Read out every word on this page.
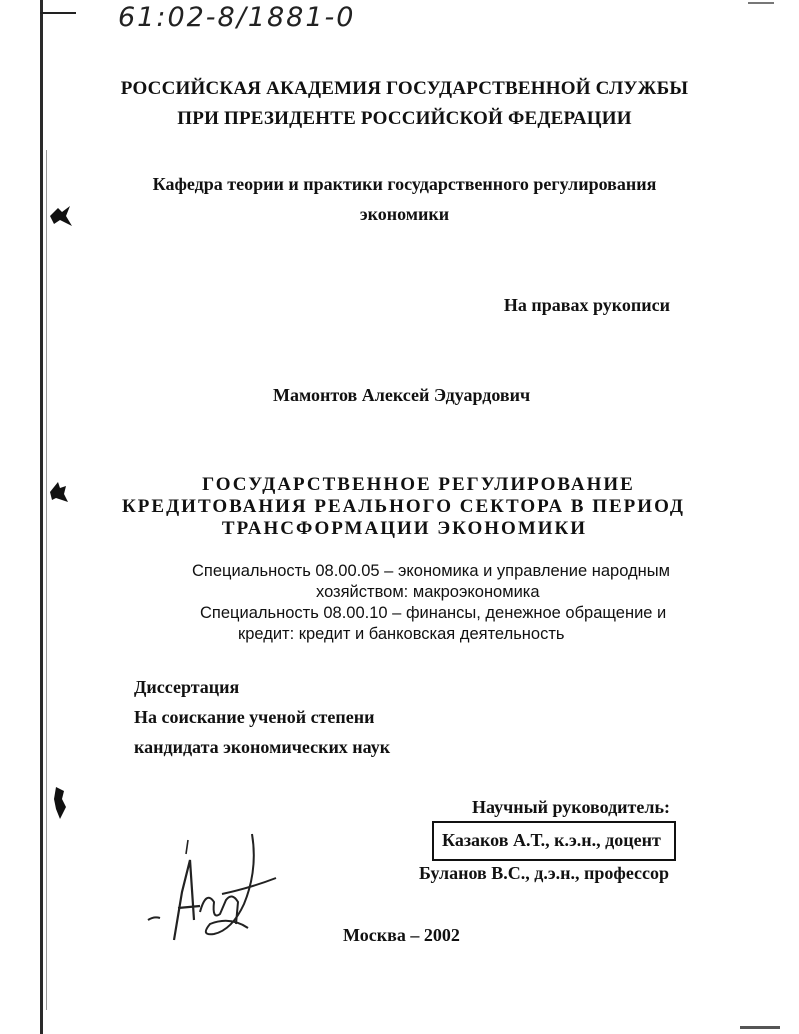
61:02-8/1881-0
РОССИЙСКАЯ АКАДЕМИЯ ГОСУДАРСТВЕННОЙ СЛУЖБЫ
ПРИ ПРЕЗИДЕНТЕ РОССИЙСКОЙ ФЕДЕРАЦИИ
Кафедра теории и практики государственного регулирования
экономики
На правах рукописи
Мамонтов Алексей Эдуардович
ГОСУДАРСТВЕННОЕ РЕГУЛИРОВАНИЕ
КРЕДИТОВАНИЯ РЕАЛЬНОГО СЕКТОРА В ПЕРИОД
ТРАНСФОРМАЦИИ ЭКОНОМИКИ
Специальность 08.00.05 – экономика и управление народным
хозяйством: макроэкономика
Специальность 08.00.10 – финансы, денежное обращение и
кредит: кредит и банковская деятельность
Диссертация
На соискание ученой степени
кандидата экономических наук
Научный руководитель:
Казаков А.Т., к.э.н., доцент
Буланов В.С., д.э.н., профессор
Москва – 2002
